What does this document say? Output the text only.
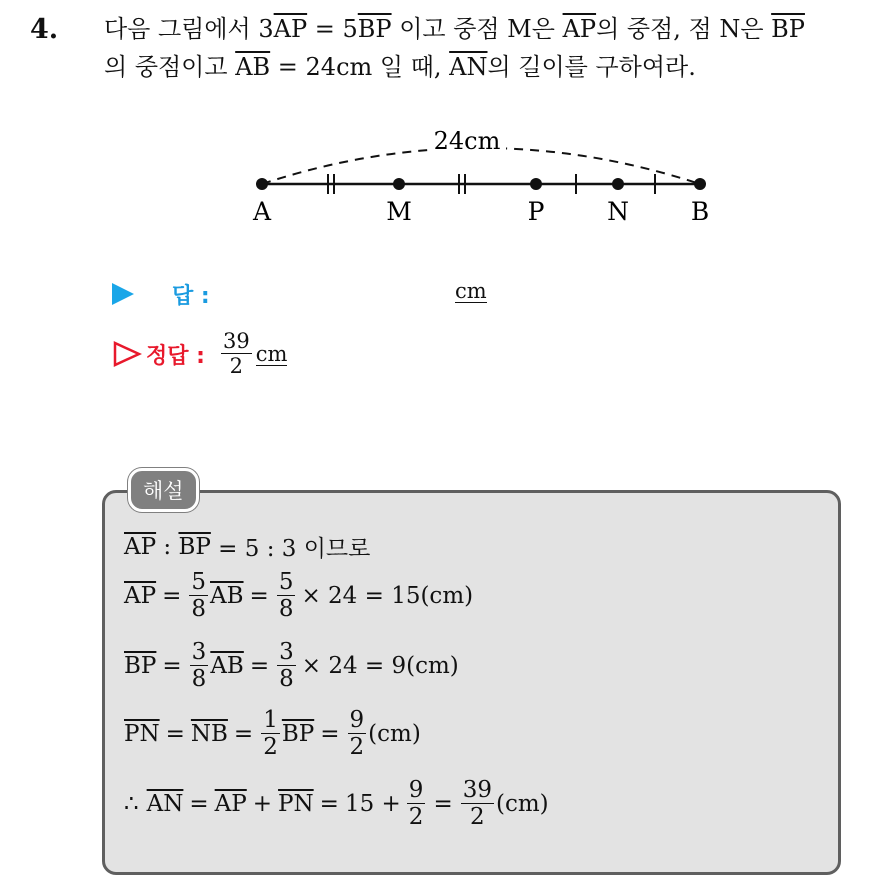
4. 다음 그림에서 $3\overline{AP} = 5\overline{BP}$ 이고 중점 M은 $\overline{AP}$의 중점, 점 N은 $\overline{BP}$
의 중점이고 $\overline{AB} = 24cm$ 일 때, $\overline{AN}$의 길이를 구하여라.
24cm
A	M	P	N B
답 :	cm
정답 : $\frac{39}{2}$ cm
해설
$\overline{AP}$ : $\overline{BP} = 5$ : 3 이므로
$\overline{AP} = \frac{5}{8} \overline{AB} = \frac{5}{8} \times 24 = 15(cm)$
$\overline{BP} = \frac{3}{8} \overline{AB} = \frac{3}{8} \times 24 = 9(cm)$
$\overline{PN} = \overline{NB} = \frac{1}{2} \overline{BP} = \frac{9}{2} (cm)$
∴ $\overline{AN} = \overline{AP} + \overline{PN} = 15 + \frac{9}{2} = \frac{39}{2} (cm)$
